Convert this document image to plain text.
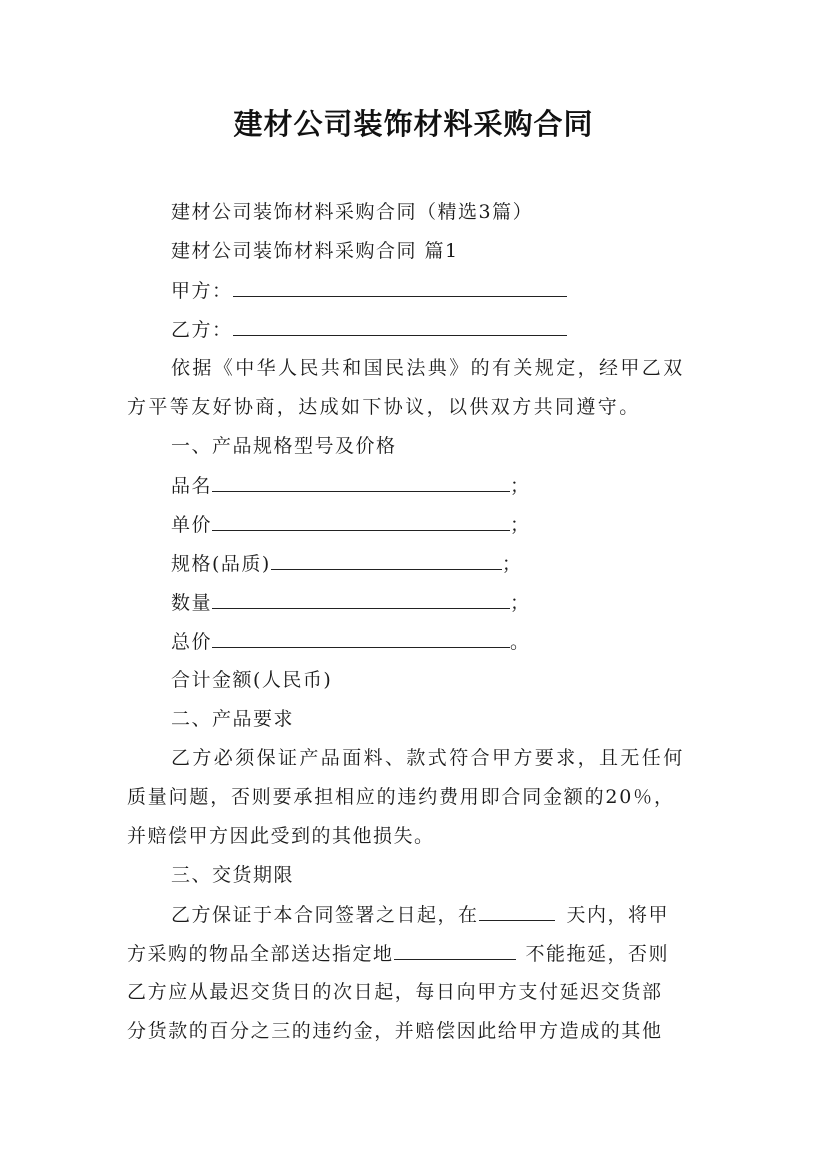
建材公司装饰材料采购合同
建材公司装饰材料采购合同（精选3篇）
建材公司装饰材料采购合同 篇1
甲方：
乙方：
依据《中华人民共和国民法典》的有关规定，经甲乙双
方平等友好协商，达成如下协议，以供双方共同遵守。
一、产品规格型号及价格
品名	；
单价	；
规格(品质)	；
数量	；
总价	。
合计金额(人民币)
二、产品要求
乙方必须保证产品面料、款式符合甲方要求，且无任何
质量问题，否则要承担相应的违约费用即合同金额的20％，
并赔偿甲方因此受到的其他损失。
三、交货期限
乙方保证于本合同签署之日起，在	天内，将甲
方采购的物品全部送达指定地	不能拖延，否则
乙方应从最迟交货日的次日起，每日向甲方支付延迟交货部
分货款的百分之三的违约金，并赔偿因此给甲方造成的其他
